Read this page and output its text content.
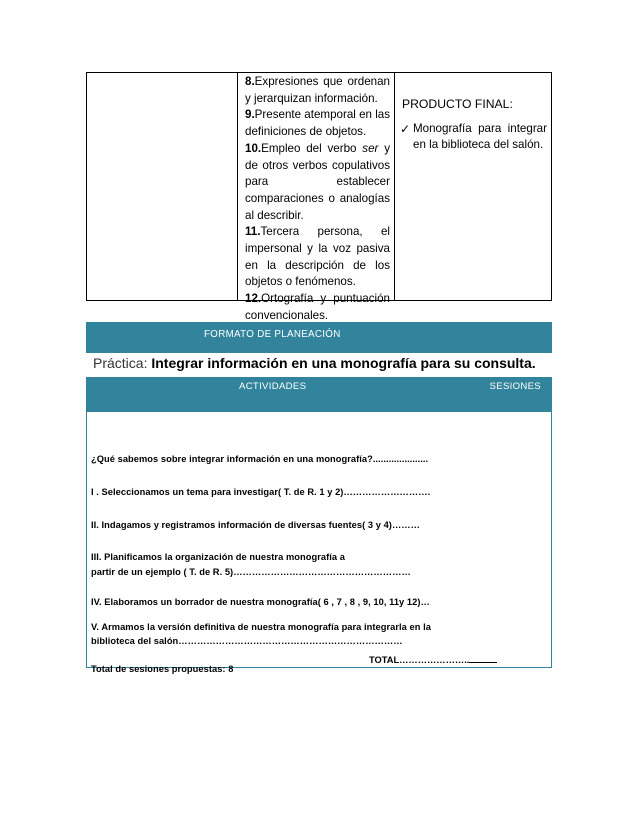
8.Expresiones que ordenan y jerarquizan información.
9.Presente atemporal en las definiciones de objetos.
10.Empleo del verbo ser y de otros verbos copulativos para establecer comparaciones o analogías al describir.
11.Tercera persona, el impersonal y la voz pasiva en la descripción de los objetos o fenómenos.
12.Ortografía y puntuación convencionales.
PRODUCTO FINAL:
✓ Monografía para integrar en la biblioteca del salón.
FORMATO DE PLANEACIÓN
Práctica: Integrar información en una monografía para su consulta.
ACTIVIDADES	SESIONES
¿Qué sabemos sobre integrar información en una monografía?.....................
I . Seleccionamos un tema para investigar( T. de R. 1 y 2)……………………….
II. Indagamos y registramos información de diversas fuentes( 3 y 4)………
III. Planificamos la organización de nuestra monografía a
partir de un ejemplo ( T. de R. 5)…………………………………………………
IV. Elaboramos un borrador de nuestra monografía( 6 , 7 , 8 , 9, 10, 11y 12)…
V. Armamos la versión definitiva de nuestra monografía para integrarla en la
biblioteca del salón………………………………………………………………
Total de sesiones propuestas: 8
TOTAL…………………..
